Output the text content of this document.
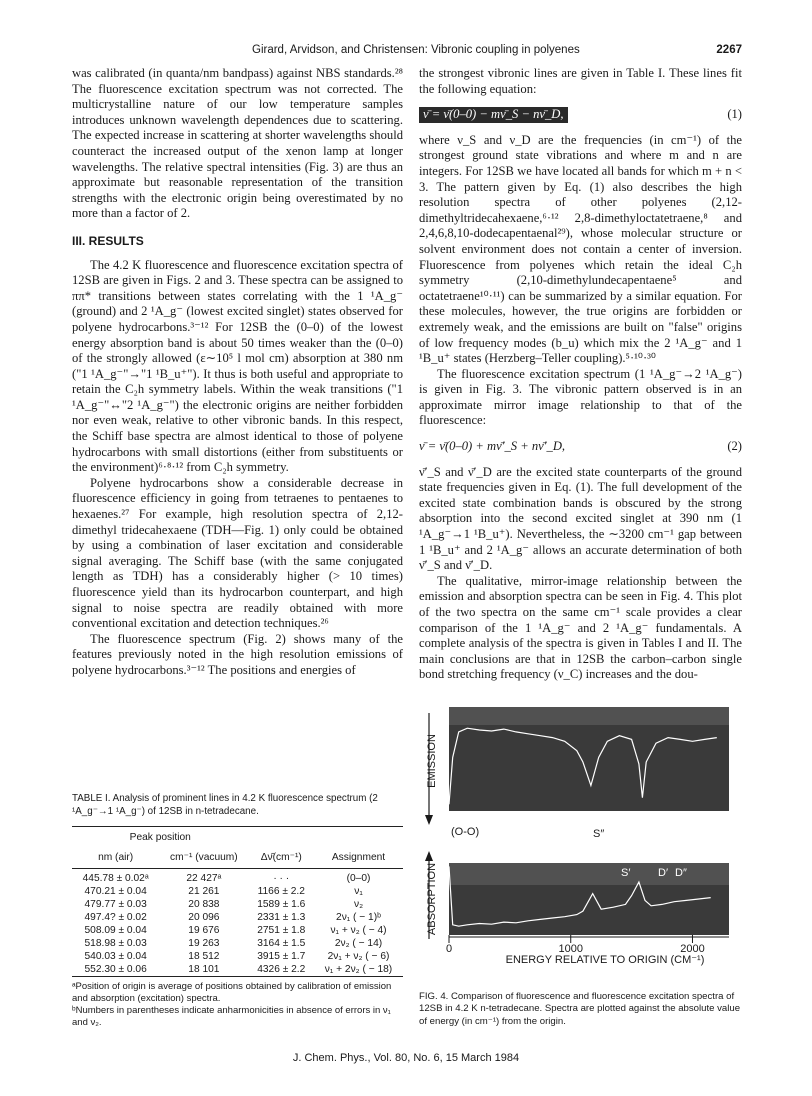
Girard, Arvidson, and Christensen: Vibronic coupling in polyenes	2267

was calibrated (in quanta/nm bandpass) against NBS standards.²⁸ The fluorescence excitation spectrum was not corrected. The multicrystalline nature of our low temperature samples introduces unknown wavelength dependences due to scattering. The expected increase in scattering at shorter wavelengths should counteract the increased output of the xenon lamp at longer wavelengths. The relative spectral intensities (Fig. 3) are thus an approximate but reasonable representation of the transition strengths with the electronic origin being overestimated by no more than a factor of 2.

III. RESULTS

The 4.2 K fluorescence and fluorescence excitation spectra of 12SB are given in Figs. 2 and 3. These spectra can be assigned to ππ* transitions between states correlating with the 1 ¹A_g⁻ (ground) and 2 ¹A_g⁻ (lowest excited singlet) states observed for polyene hydrocarbons.³⁻¹² For 12SB the (0–0) of the lowest energy absorption band is about 50 times weaker than the (0–0) of the strongly allowed (ε∼10⁵ l mol cm) absorption at 380 nm ("1 ¹A_g⁻"→"1 ¹B_u⁺"). It thus is both useful and appropriate to retain the C₂h symmetry labels. Within the weak transitions ("1 ¹A_g⁻"↔"2 ¹A_g⁻") the electronic origins are neither forbidden nor even weak, relative to other vibronic bands. In this respect, the Schiff base spectra are almost identical to those of polyene hydrocarbons with small distortions (either from substituents or the environment)⁶·⁸·¹² from C₂h symmetry.

Polyene hydrocarbons show a considerable decrease in fluorescence efficiency in going from tetraenes to pentaenes to hexaenes.²⁷ For example, high resolution spectra of 2,12-dimethyl tridecahexaene (TDH—Fig. 1) only could be obtained by using a combination of laser excitation and considerable signal averaging. The Schiff base (with the same conjugated length as TDH) has a considerably higher (> 10 times) fluorescence yield than its hydrocarbon counterpart, and high signal to noise spectra are readily obtained with more conventional excitation and detection techniques.²⁶

The fluorescence spectrum (Fig. 2) shows many of the features previously noted in the high resolution emissions of polyene hydrocarbons.³⁻¹² The positions and energies of

the strongest vibronic lines are given in Table I. These lines fit the following equation:

ν̄ = ν̄(0–0) − mν̄_S − nν̄_D,	(1)

where ν_S and ν_D are the frequencies (in cm⁻¹) of the strongest ground state vibrations and where m and n are integers. For 12SB we have located all bands for which m + n < 3. The pattern given by Eq. (1) also describes the high resolution spectra of other polyenes (2,12-dimethyltridecahexaene,⁶·¹² 2,8-dimethyloctatetraene,⁸ and 2,4,6,8,10-dodecapentaenal²⁹), whose molecular structure or solvent environment does not contain a center of inversion. Fluorescence from polyenes which retain the ideal C₂h symmetry (2,10-dimethylundecapentaene⁵ and octatetraene¹⁰·¹¹) can be summarized by a similar equation. For these molecules, however, the true origins are forbidden or extremely weak, and the emissions are built on "false" origins of low frequency modes (b_u) which mix the 2 ¹A_g⁻ and 1 ¹B_u⁺ states (Herzberg–Teller coupling).⁵·¹⁰·³⁰

The fluorescence excitation spectrum (1 ¹A_g⁻→2 ¹A_g⁻) is given in Fig. 3. The vibronic pattern observed is in an approximate mirror image relationship to that of the fluorescence:

ν̄ = ν̄(0–0) + mν̄′_S + nν̄′_D,	(2)

ν̄′_S and ν̄′_D are the excited state counterparts of the ground state frequencies given in Eq. (1). The full development of the excited state combination bands is obscured by the strong absorption into the second excited singlet at 390 nm (1 ¹A_g⁻→1 ¹B_u⁺). Nevertheless, the ∼3200 cm⁻¹ gap between 1 ¹B_u⁺ and 2 ¹A_g⁻ allows an accurate determination of both ν̄′_S and ν̄′_D.

The qualitative, mirror-image relationship between the emission and absorption spectra can be seen in Fig. 4. This plot of the two spectra on the same cm⁻¹ scale provides a clear comparison of the 1 ¹A_g⁻ and 2 ¹A_g⁻ fundamentals. A complete analysis of the spectra is given in Tables I and II. The main conclusions are that in 12SB the carbon–carbon single bond stretching frequency (ν_C) increases and the dou-

TABLE I. Analysis of prominent lines in 4.2 K fluorescence spectrum (2 ¹A_g⁻→1 ¹A_g⁻) of 12SB in n-tetradecane.
Peak position			
nm (air)	cm⁻¹ (vacuum)	Δν̄(cm⁻¹)	Assignment
445.78 ± 0.02ᵃ	22 427ᵃ	· · ·	(0–0)
470.21 ± 0.04	21 261	1166 ± 2.2	ν₁
479.77 ± 0.03	20 838	1589 ± 1.6	ν₂
497.4? ± 0.02	20 096	2331 ± 1.3	2ν₁ ( − 1)ᵇ
508.09 ± 0.04	19 676	2751 ± 1.8	ν₁ + ν₂ ( − 4)
518.98 ± 0.03	19 263	3164 ± 1.5	2ν₂ ( − 14)
540.03 ± 0.04	18 512	3915 ± 1.7	2ν₁ + ν₂ ( − 6)
552.30 ± 0.06	18 101	4326 ± 2.2	ν₁ + 2ν₂ ( − 18)
ᵃPosition of origin is average of positions obtained by calibration of emission and absorption (excitation) spectra.
ᵇNumbers in parentheses indicate anharmonicities in absence of errors in ν₁ and ν₂.
EMISSION
ABSORPTION
(O-O)	S″
S′	D′ D″
0	1000	2000
ENERGY RELATIVE TO ORIGIN (CM⁻¹)
FIG. 4. Comparison of fluorescence and fluorescence excitation spectra of 12SB in 4.2 K n-tetradecane. Spectra are plotted against the absolute value of energy (in cm⁻¹) from the origin.
J. Chem. Phys., Vol. 80, No. 6, 15 March 1984
